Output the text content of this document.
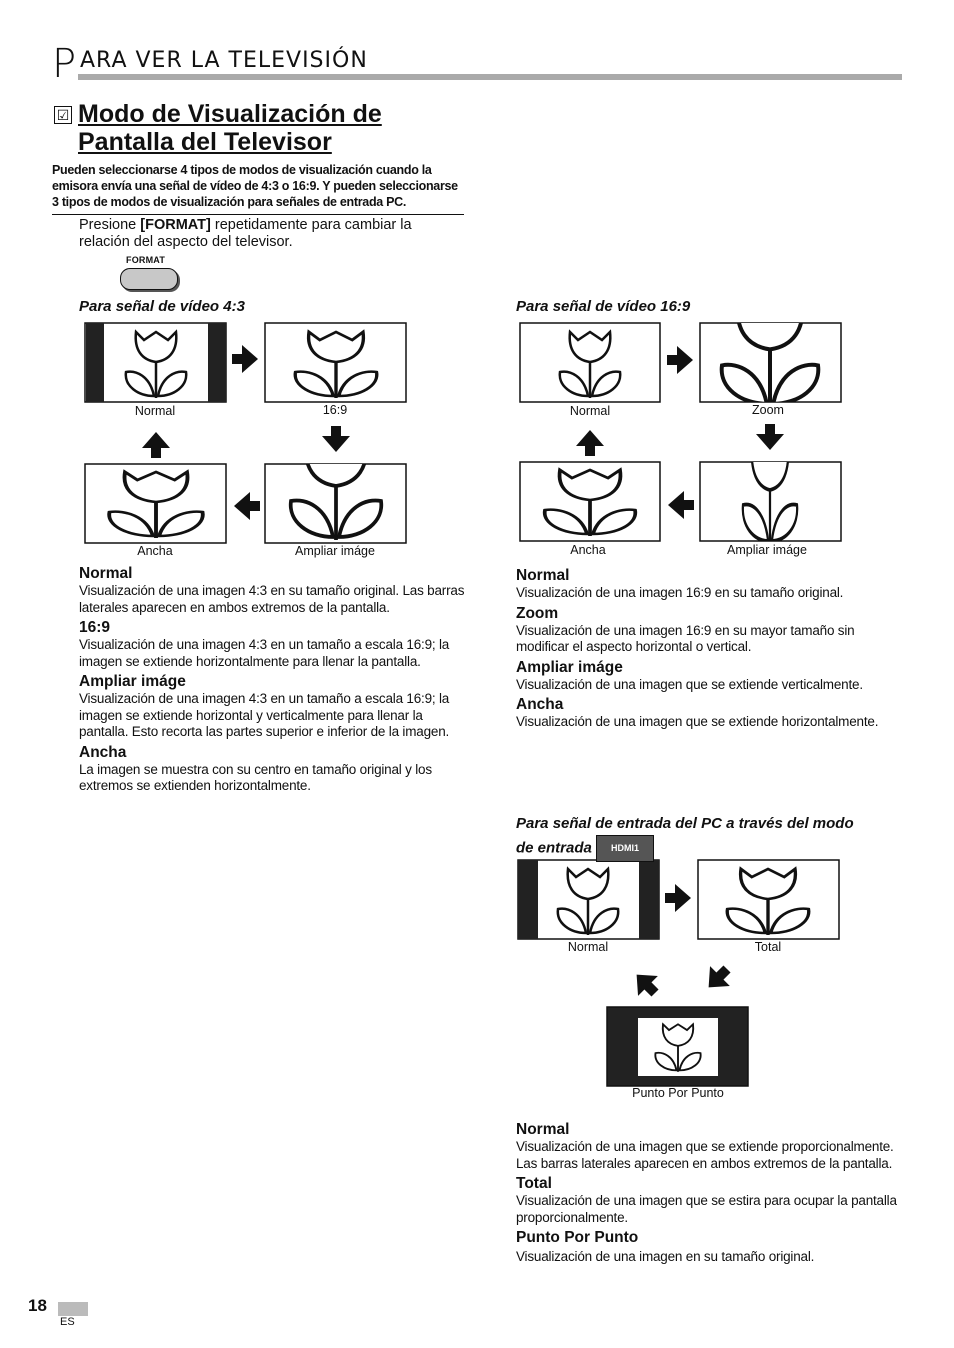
P ARA VER LA TELEVISIÓN
☑ Modo de Visualización de
Pantalla del Televisor
Pueden seleccionarse 4 tipos de modos de visualización cuando la emisora envía una señal de vídeo de 4:3 o 16:9. Y pueden seleccionarse 3 tipos de modos de visualización para señales de entrada PC.
Presione [FORMAT] repetidamente para cambiar la relación del aspecto del televisor.
FORMAT
Para señal de vídeo 4:3
Normal	16:9
Ancha	Ampliar imáge
Normal
Visualización de una imagen 4:3 en su tamaño original. Las barras laterales aparecen en ambos extremos de la pantalla.
16:9
Visualización de una imagen 4:3 en un tamaño a escala 16:9; la imagen se extiende horizontalmente para llenar la pantalla.
Ampliar imáge
Visualización de una imagen 4:3 en un tamaño a escala 16:9; la imagen se extiende horizontal y verticalmente para llenar la pantalla. Esto recorta las partes superior e inferior de la imagen.
Ancha
La imagen se muestra con su centro en tamaño original y los extremos se extienden horizontalmente.
Para señal de vídeo 16:9
Normal	Zoom
Ancha	Ampliar imáge
Normal
Visualización de una imagen 16:9 en su tamaño original.
Zoom
Visualización de una imagen 16:9 en su mayor tamaño sin modificar el aspecto horizontal o vertical.
Ampliar imáge
Visualización de una imagen que se extiende verticalmente.
Ancha
Visualización de una imagen que se extiende horizontalmente.
Para señal de entrada del PC a través del modo
de entrada HDMI1
Normal	Total
Punto Por Punto
Normal
Visualización de una imagen que se extiende proporcionalmente. Las barras laterales aparecen en ambos extremos de la pantalla.
Total
Visualización de una imagen que se estira para ocupar la pantalla proporcionalmente.
Punto Por Punto
Visualización de una imagen en su tamaño original.
18
ES
